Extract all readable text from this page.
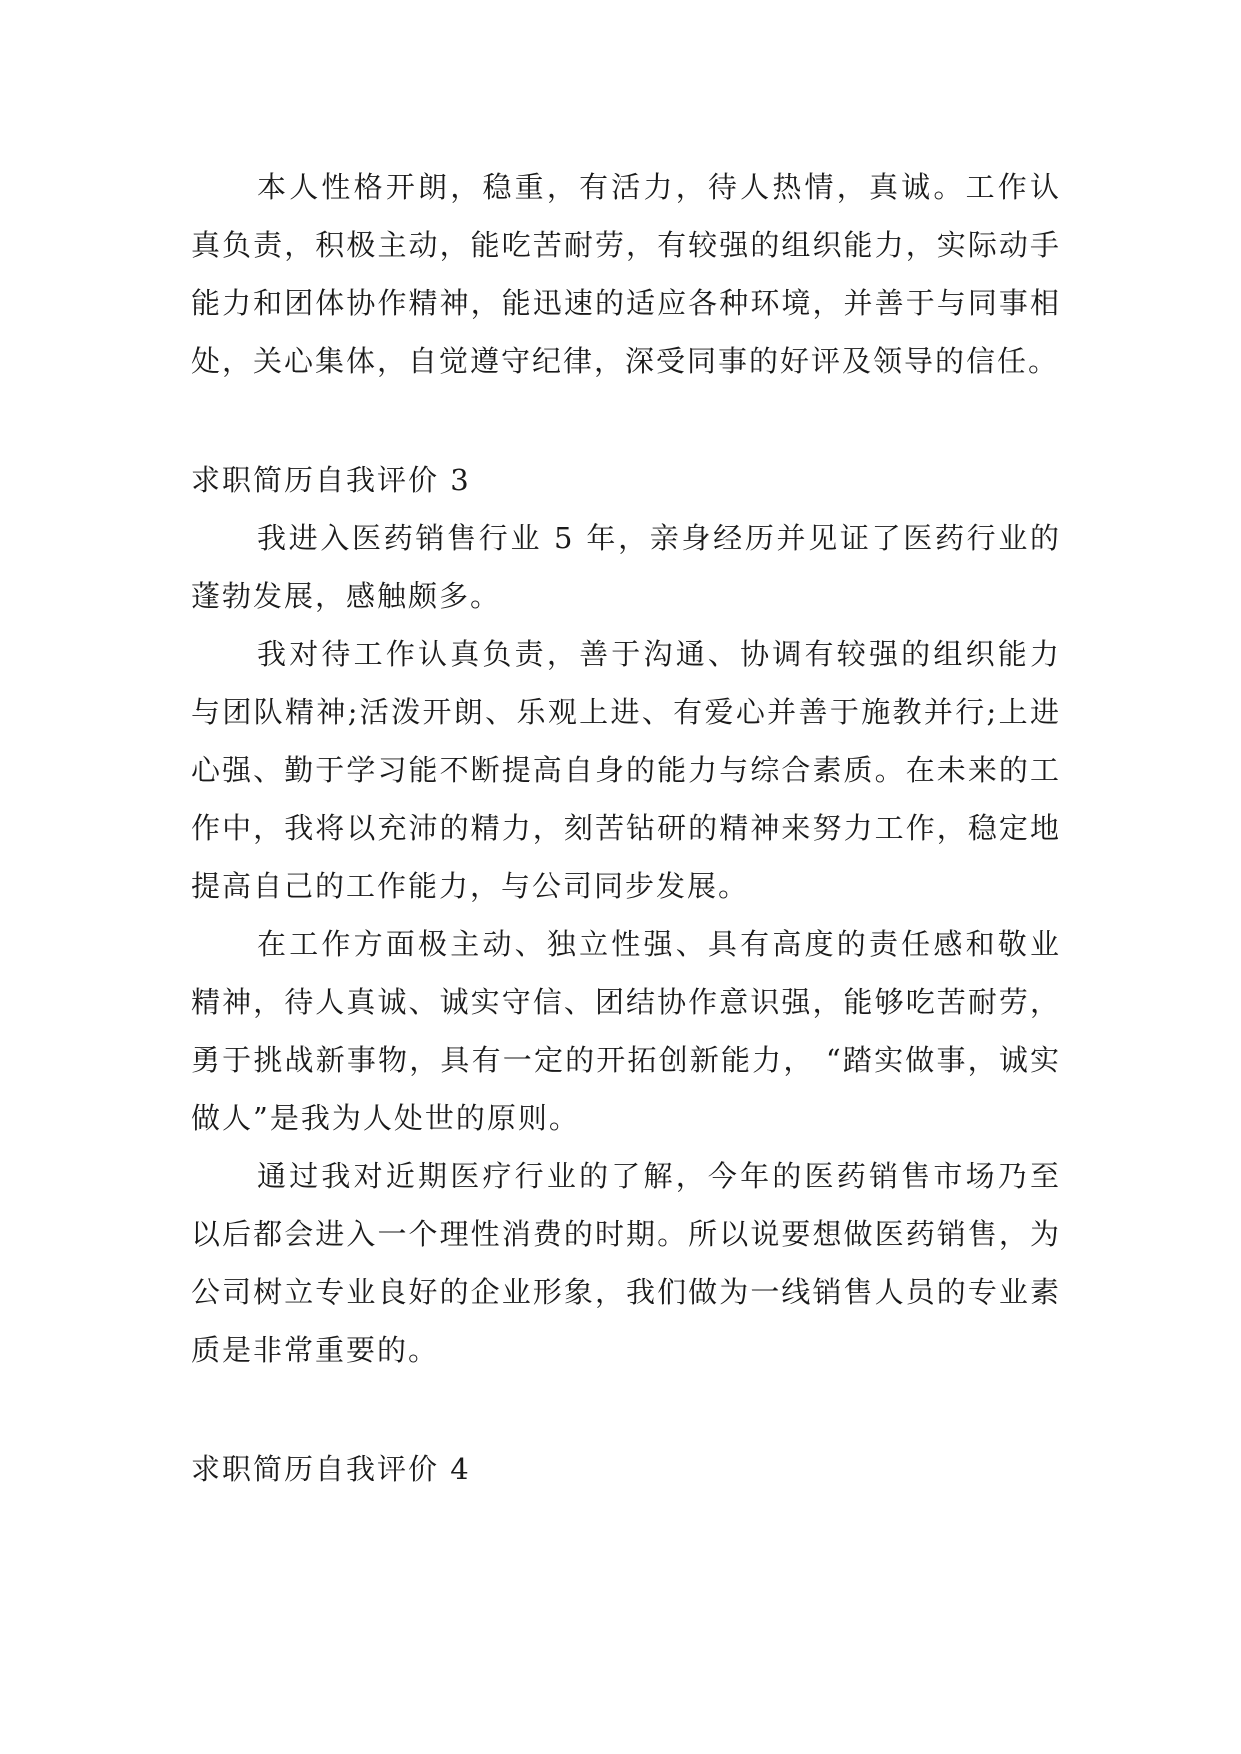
本人性格开朗，稳重，有活力，待人热情，真诚。工作认真负责，积极主动，能吃苦耐劳，有较强的组织能力，实际动手能力和团体协作精神，能迅速的适应各种环境，并善于与同事相处，关心集体，自觉遵守纪律，深受同事的好评及领导的信任。

求职简历自我评价 3

我进入医药销售行业 5 年，亲身经历并见证了医药行业的蓬勃发展，感触颇多。

我对待工作认真负责，善于沟通、协调有较强的组织能力与团队精神;活泼开朗、乐观上进、有爱心并善于施教并行;上进心强、勤于学习能不断提高自身的能力与综合素质。在未来的工作中，我将以充沛的精力，刻苦钻研的精神来努力工作，稳定地提高自己的工作能力，与公司同步发展。

在工作方面极主动、独立性强、具有高度的责任感和敬业精神，待人真诚、诚实守信、团结协作意识强，能够吃苦耐劳，勇于挑战新事物，具有一定的开拓创新能力， “踏实做事，诚实做人”是我为人处世的原则。

通过我对近期医疗行业的了解，今年的医药销售市场乃至以后都会进入一个理性消费的时期。所以说要想做医药销售，为公司树立专业良好的企业形象，我们做为一线销售人员的专业素质是非常重要的。

求职简历自我评价 4
